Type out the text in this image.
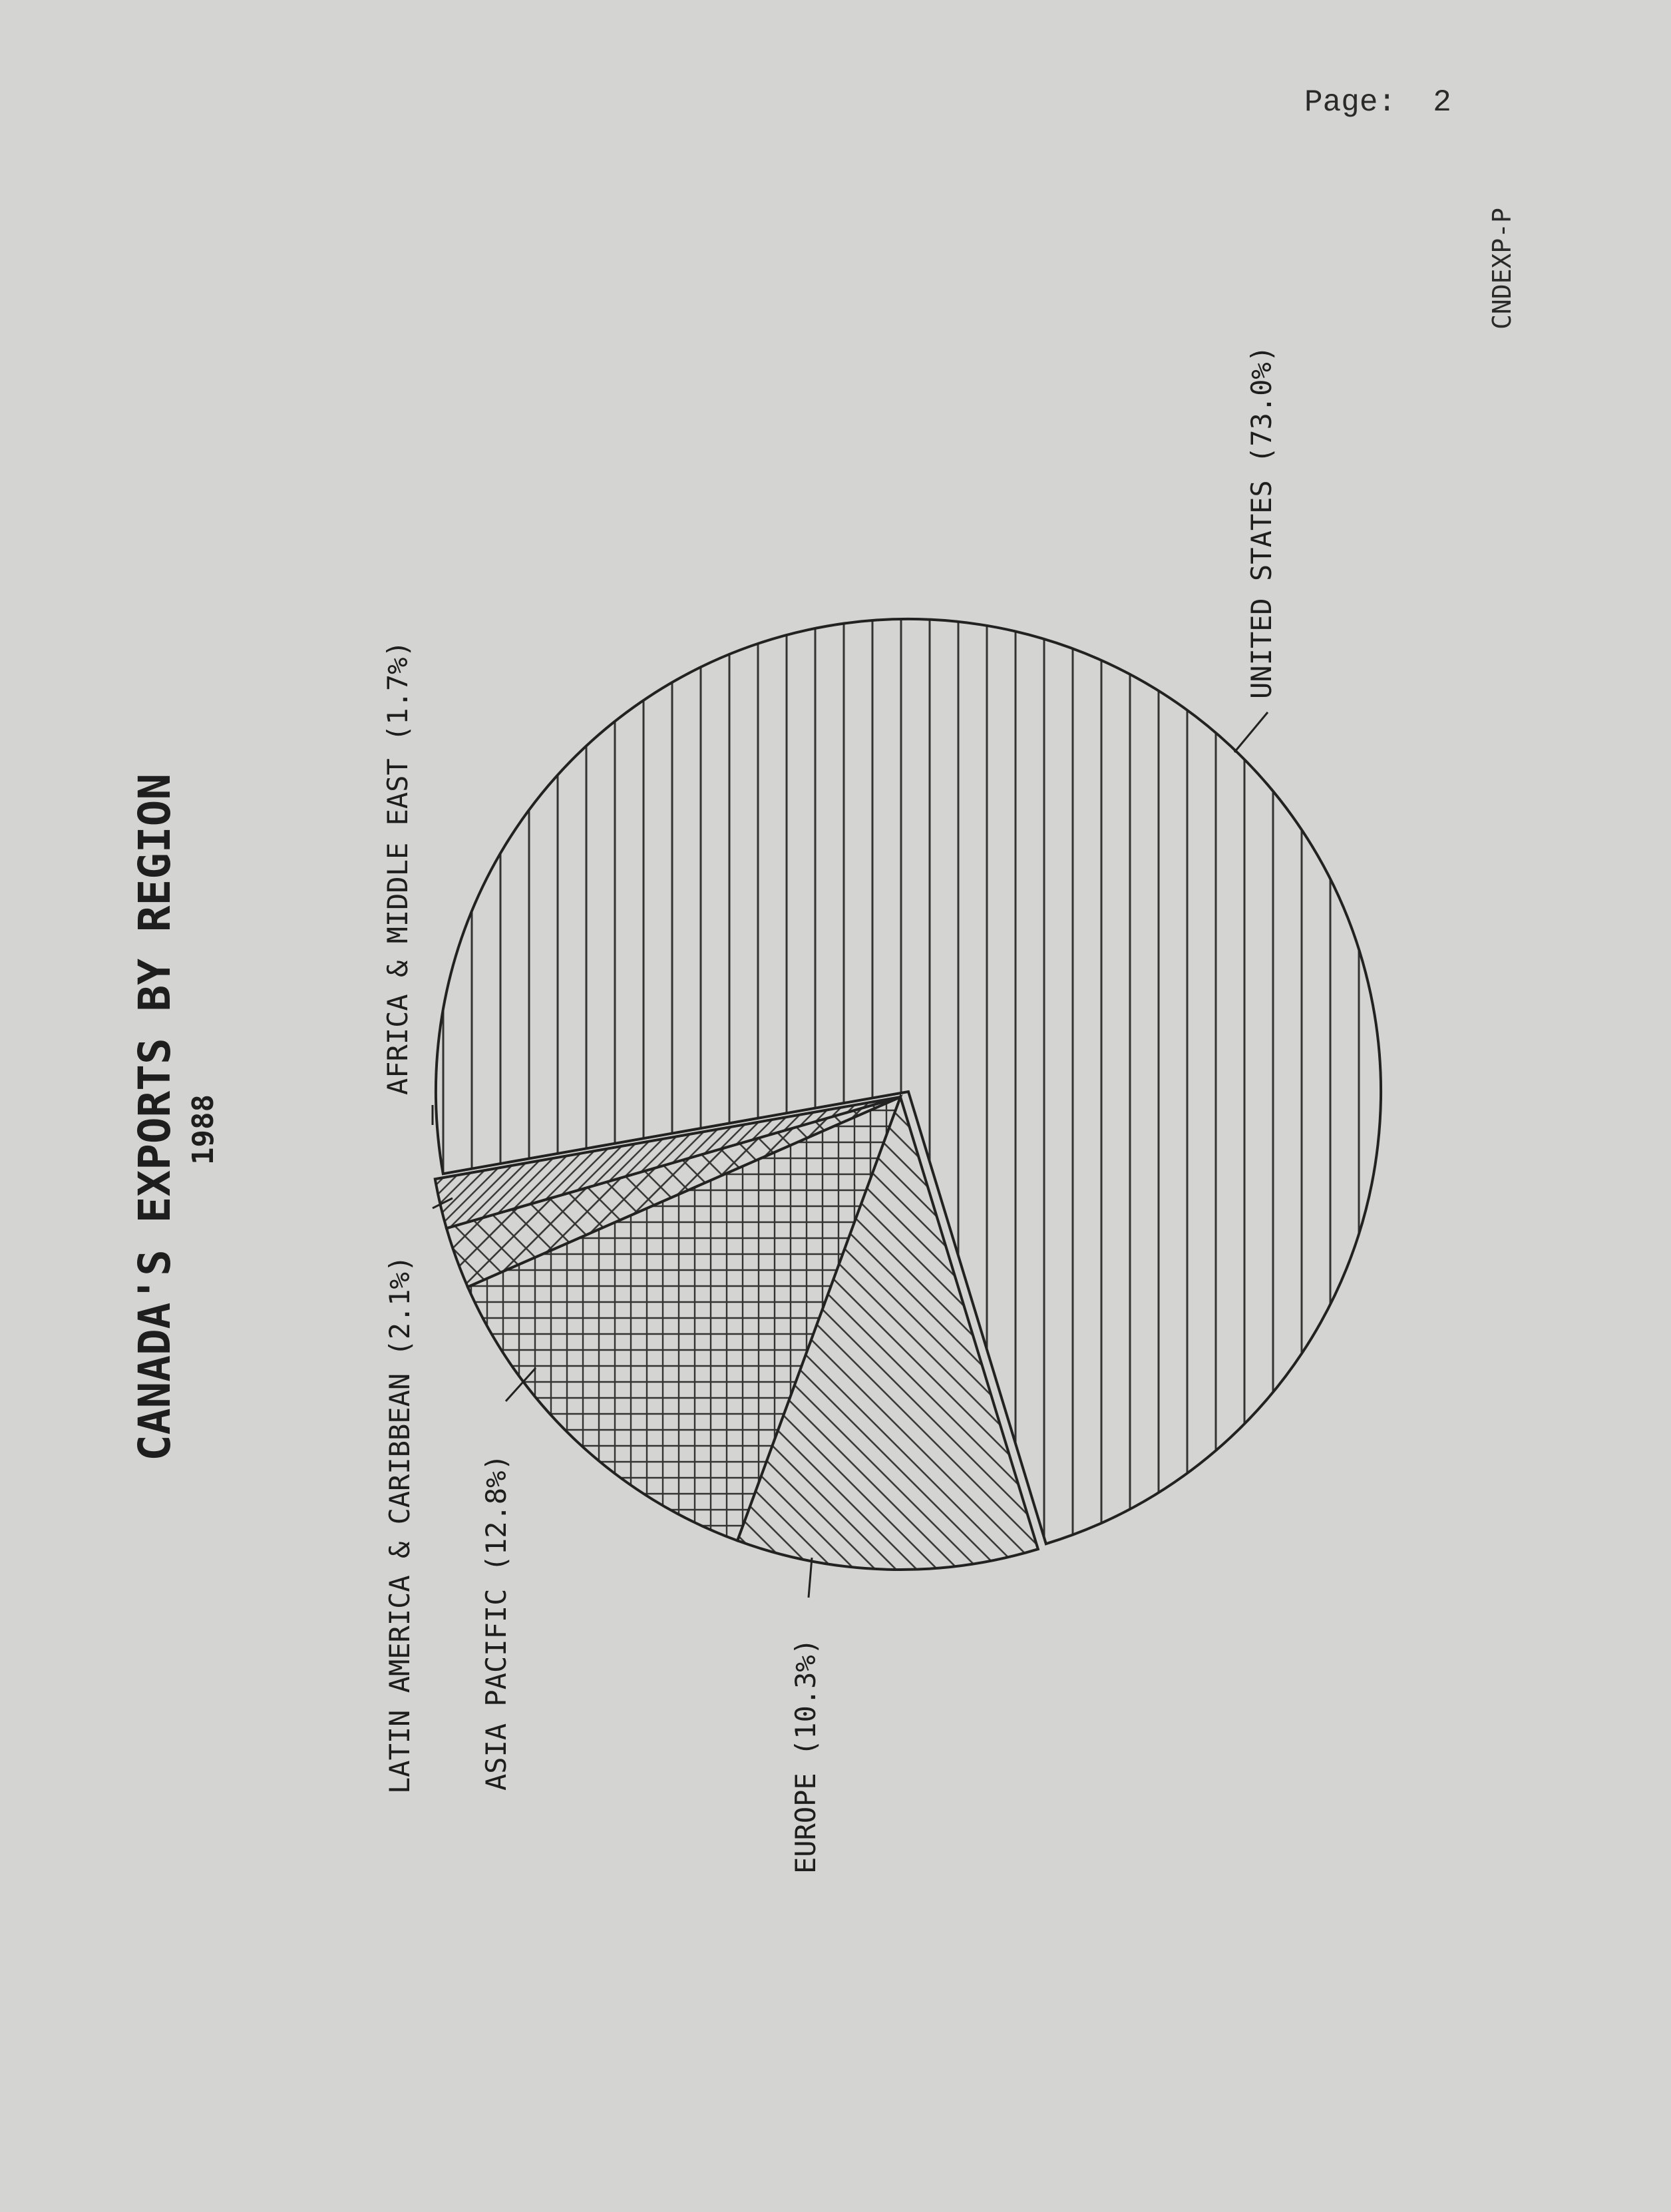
Page:  2
CNDEXP-P
CANADA'S EXPORTS BY REGION 1988
UNITED STATES (73.0%)
EUROPE (10.3%)
ASIA PACIFIC (12.8%)
LATIN AMERICA & CARIBBEAN (2.1%)
AFRICA & MIDDLE EAST (1.7%)
